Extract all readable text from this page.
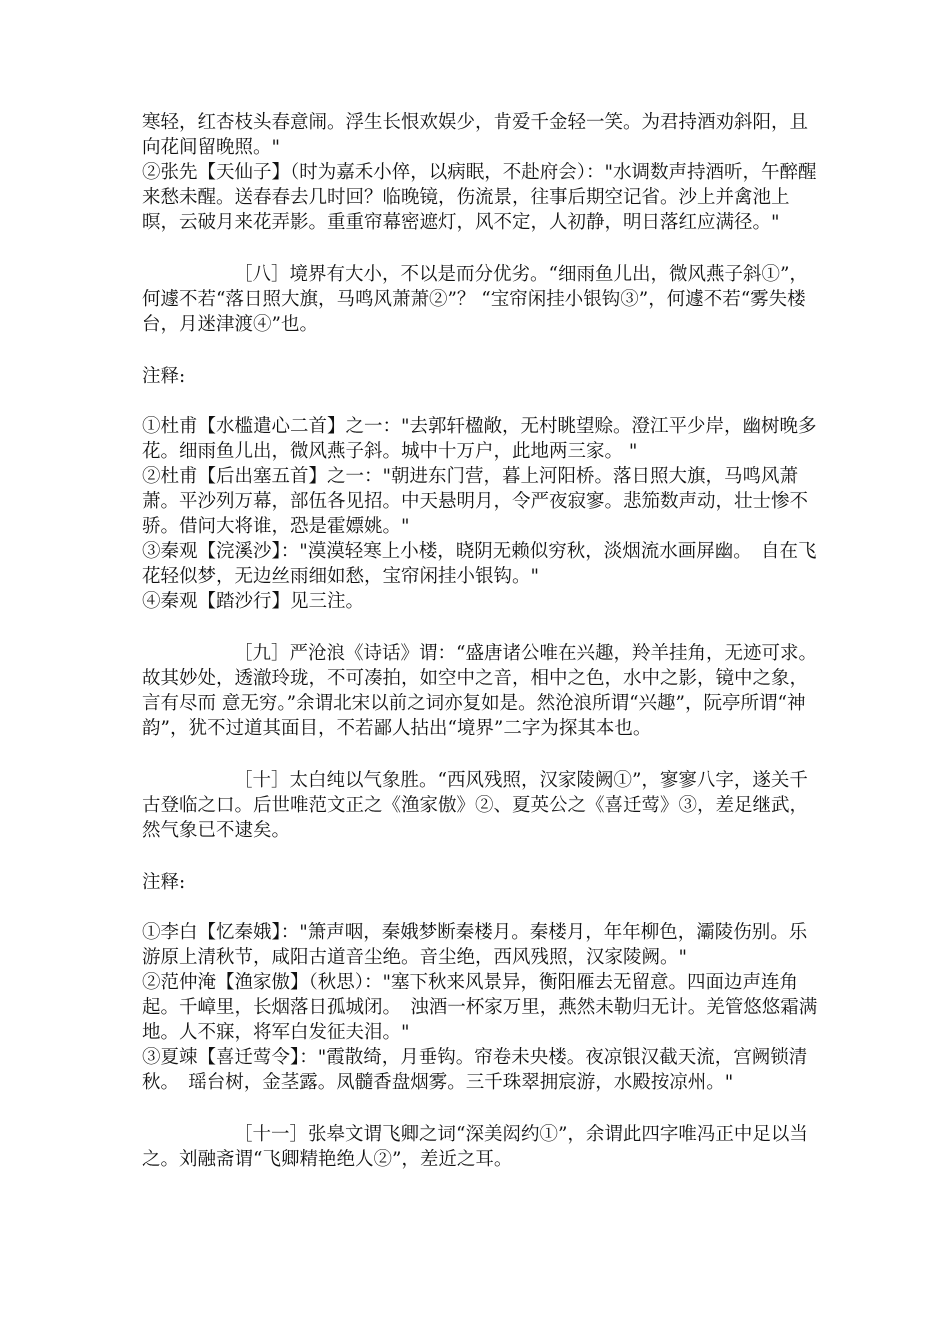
寒轻，红杏枝头春意闹。浮生长恨欢娱少，肯爱千金轻一笑。为君持酒劝斜阳，且向花间留晚照。"

②张先【天仙子】（时为嘉禾小倅，以病眠，不赴府会）："水调数声持酒听，午醉醒来愁未醒。送春春去几时回？临晚镜，伤流景，往事后期空记省。沙上并禽池上暝，云破月来花弄影。重重帘幕密遮灯，风不定，人初静，明日落红应满径。"

［八］境界有大小，不以是而分优劣。“细雨鱼儿出，微风燕子斜①”，何遽不若“落日照大旗，马鸣风萧萧②”？ “宝帘闲挂小银钩③”，何遽不若“雾失楼台，月迷津渡④”也。

注释:

①杜甫【水槛遣心二首】之一："去郭轩楹敞，无村眺望赊。澄江平少岸，幽树晚多花。细雨鱼儿出，微风燕子斜。城中十万户，此地两三家。 "

②杜甫【后出塞五首】之一："朝进东门营，暮上河阳桥。落日照大旗，马鸣风萧萧。平沙列万幕，部伍各见招。中天悬明月，令严夜寂寥。悲笳数声动，壮士惨不骄。借问大将谁，恐是霍嫖姚。"

③秦观【浣溪沙】："漠漠轻寒上小楼，晓阴无赖似穷秋，淡烟流水画屏幽。　自在飞花轻似梦，无边丝雨细如愁，宝帘闲挂小银钩。"

④秦观【踏沙行】见三注。

［九］严沧浪《诗话》谓：“盛唐诸公唯在兴趣，羚羊挂角，无迹可求。故其妙处，透澈玲珑，不可凑拍，如空中之音，相中之色，水中之影，镜中之象，言有尽而 意无穷。”余谓北宋以前之词亦复如是。然沧浪所谓“兴趣”，阮亭所谓“神韵”，犹不过道其面目，不若鄙人拈出“境界”二字为探其本也。

［十］太白纯以气象胜。“西风残照，汉家陵阙①”，寥寥八字，遂关千古登临之口。后世唯范文正之《渔家傲》②、夏英公之《喜迁莺》③，差足继武，然气象已不逮矣。

注释:

①李白【忆秦娥】："箫声咽，秦娥梦断秦楼月。秦楼月，年年柳色，灞陵伤别。乐游原上清秋节，咸阳古道音尘绝。音尘绝，西风残照，汉家陵阙。"

②范仲淹【渔家傲】（秋思）："塞下秋来风景异，衡阳雁去无留意。四面边声连角起。千嶂里，长烟落日孤城闭。　浊酒一杯家万里，燕然未勒归无计。羌管悠悠霜满地。人不寐，将军白发征夫泪。"

③夏竦【喜迁莺令】："霞散绮，月垂钩。帘卷未央楼。夜凉银汉截天流，宫阙锁清秋。　瑶台树，金茎露。凤髓香盘烟雾。三千珠翠拥宸游，水殿按凉州。"

［十一］张皋文谓飞卿之词“深美闳约①”，余谓此四字唯冯正中足以当之。刘融斋谓“飞卿精艳绝人②”，差近之耳。
